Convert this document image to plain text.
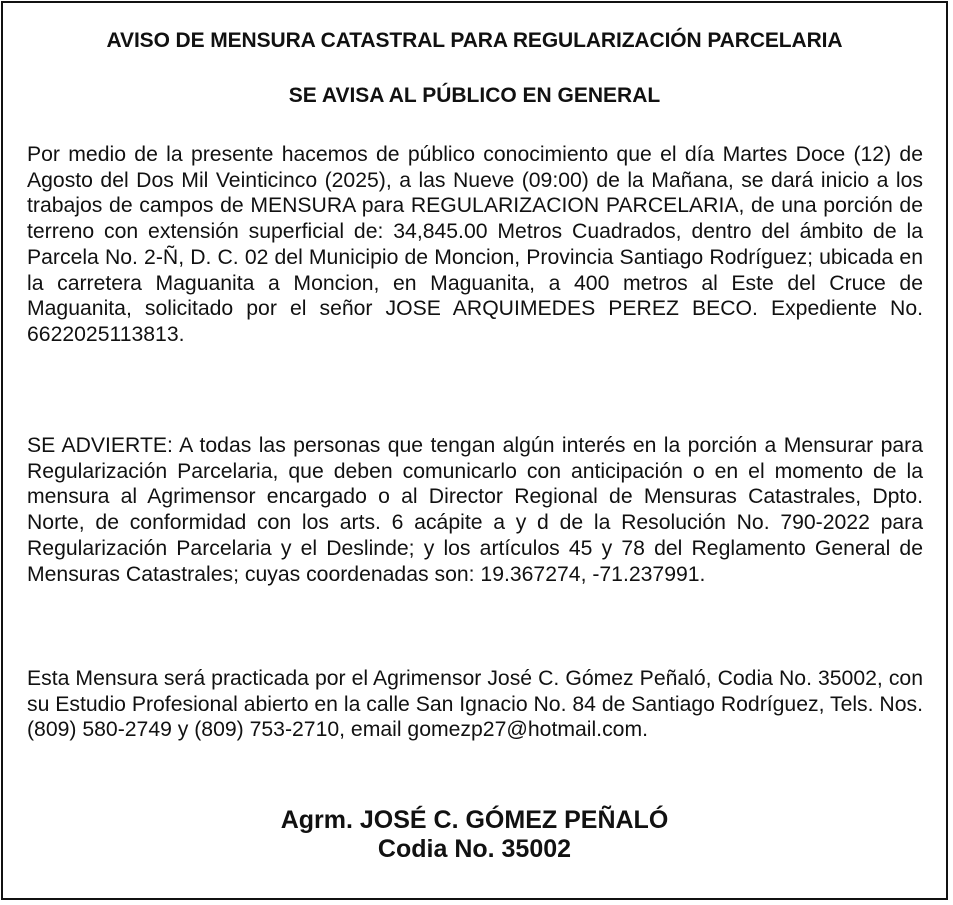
AVISO DE MENSURA CATASTRAL PARA REGULARIZACIÓN PARCELARIA
SE AVISA AL PÚBLICO EN GENERAL

Por medio de la presente hacemos de público conocimiento que el día Martes Doce (12) de Agosto del Dos Mil Veinticinco (2025), a las Nueve (09:00) de la Mañana, se dará inicio a los trabajos de campos de MENSURA para REGULARIZACION PARCELARIA, de una porción de terreno con extensión superficial de: 34,845.00 Metros Cuadrados, dentro del ámbito de la Parcela No. 2-Ñ, D. C. 02 del Municipio de Moncion, Provincia Santiago Rodríguez; ubicada en la carretera Maguanita a Moncion, en Maguanita, a 400 metros al Este del Cruce de Maguanita, solicitado por el señor JOSE ARQUIMEDES PEREZ BECO. Expediente No. 6622025113813.

SE ADVIERTE: A todas las personas que tengan algún interés en la porción a Mensurar para Regularización Parcelaria, que deben comunicarlo con anticipación o en el momento de la mensura al Agrimensor encargado o al Director Regional de Mensuras Catastrales, Dpto. Norte, de conformidad con los arts. 6 acápite a y d de la Resolución No. 790-2022 para Regularización Parcelaria y el Deslinde; y los artículos 45 y 78 del Reglamento General de Mensuras Catastrales; cuyas coordenadas son: 19.367274, -71.237991.

Esta Mensura será practicada por el Agrimensor José C. Gómez Peñaló, Codia No. 35002, con su Estudio Profesional abierto en la calle San Ignacio No. 84 de Santiago Rodríguez, Tels. Nos. (809) 580-2749 y (809) 753-2710, email gomezp27@hotmail.com.

Agrm. JOSÉ C. GÓMEZ PEÑALÓ
Codia No. 35002
